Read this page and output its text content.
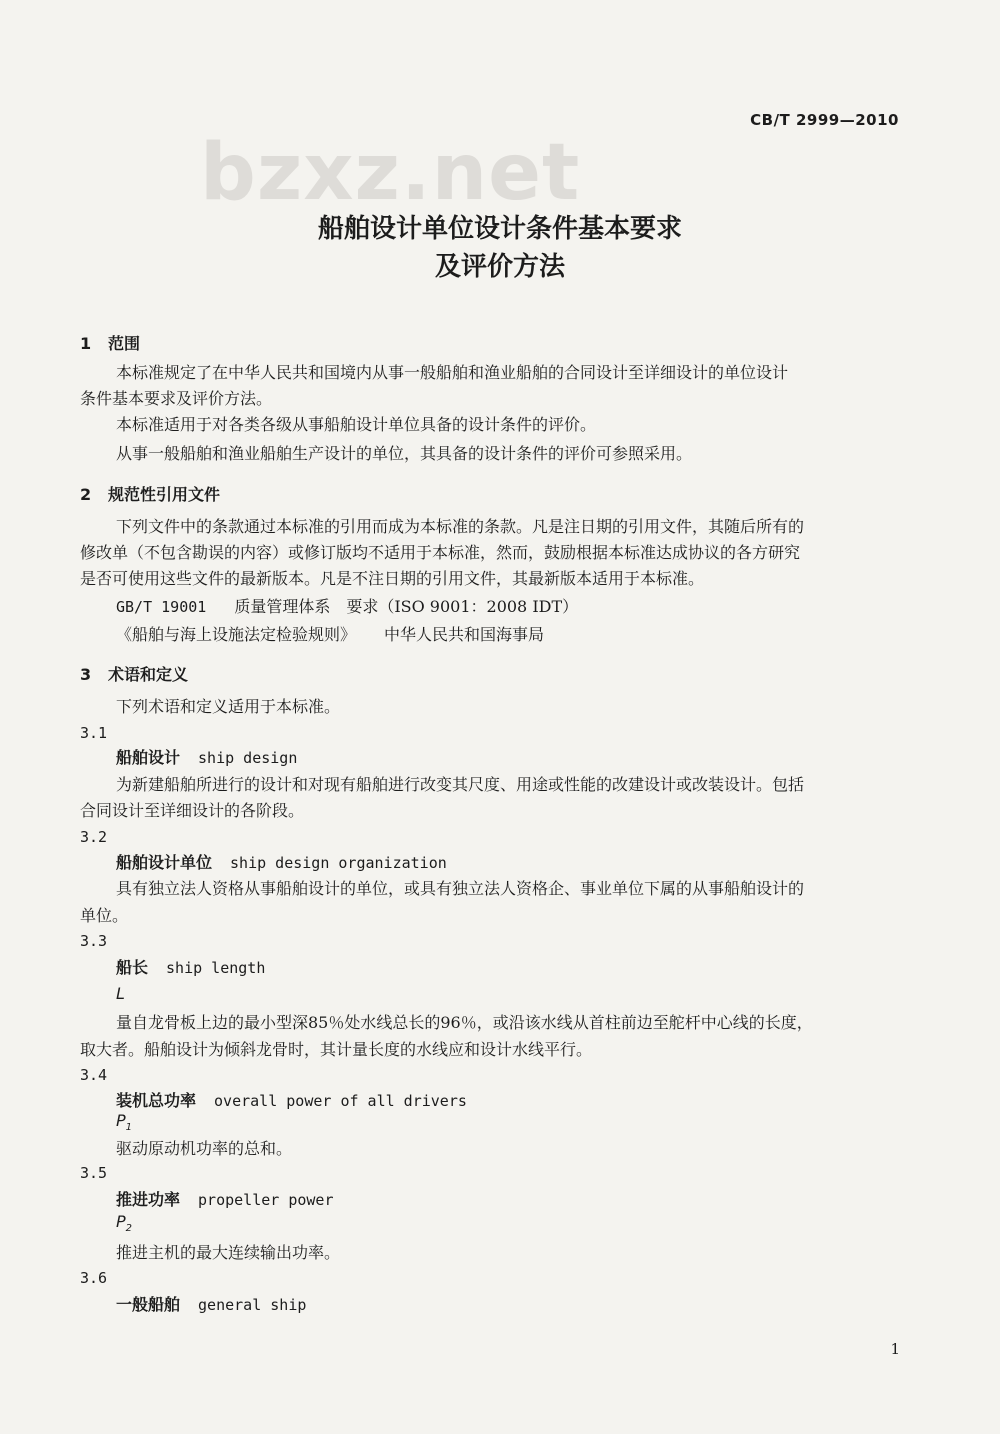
CB/T 2999—2010
bzxz.net
船舶设计单位设计条件基本要求
及评价方法
1 范围
本标准规定了在中华人民共和国境内从事一般船舶和渔业船舶的合同设计至详细设计的单位设计
条件基本要求及评价方法。
本标准适用于对各类各级从事船舶设计单位具备的设计条件的评价。
从事一般船舶和渔业船舶生产设计的单位，其具备的设计条件的评价可参照采用。
2 规范性引用文件
下列文件中的条款通过本标准的引用而成为本标准的条款。凡是注日期的引用文件，其随后所有的
修改单（不包含勘误的内容）或修订版均不适用于本标准，然而，鼓励根据本标准达成协议的各方研究
是否可使用这些文件的最新版本。凡是不注日期的引用文件，其最新版本适用于本标准。
GB/T 19001 质量管理体系　要求（ISO 9001：2008 IDT）
《船舶与海上设施法定检验规则》 中华人民共和国海事局
3 术语和定义
下列术语和定义适用于本标准。
3.1
船舶设计 ship design
为新建船舶所进行的设计和对现有船舶进行改变其尺度、用途或性能的改建设计或改装设计。包括
合同设计至详细设计的各阶段。
3.2
船舶设计单位 ship design organization
具有独立法人资格从事船舶设计的单位，或具有独立法人资格企、事业单位下属的从事船舶设计的
单位。
3.3
船长 ship length
L
量自龙骨板上边的最小型深85％处水线总长的96％，或沿该水线从首柱前边至舵杆中心线的长度，
取大者。船舶设计为倾斜龙骨时，其计量长度的水线应和设计水线平行。
3.4
装机总功率 overall power of all drivers
$P_1$
驱动原动机功率的总和。
3.5
推进功率 propeller power
$P_2$
推进主机的最大连续输出功率。
3.6
一般船舶 general ship
1
